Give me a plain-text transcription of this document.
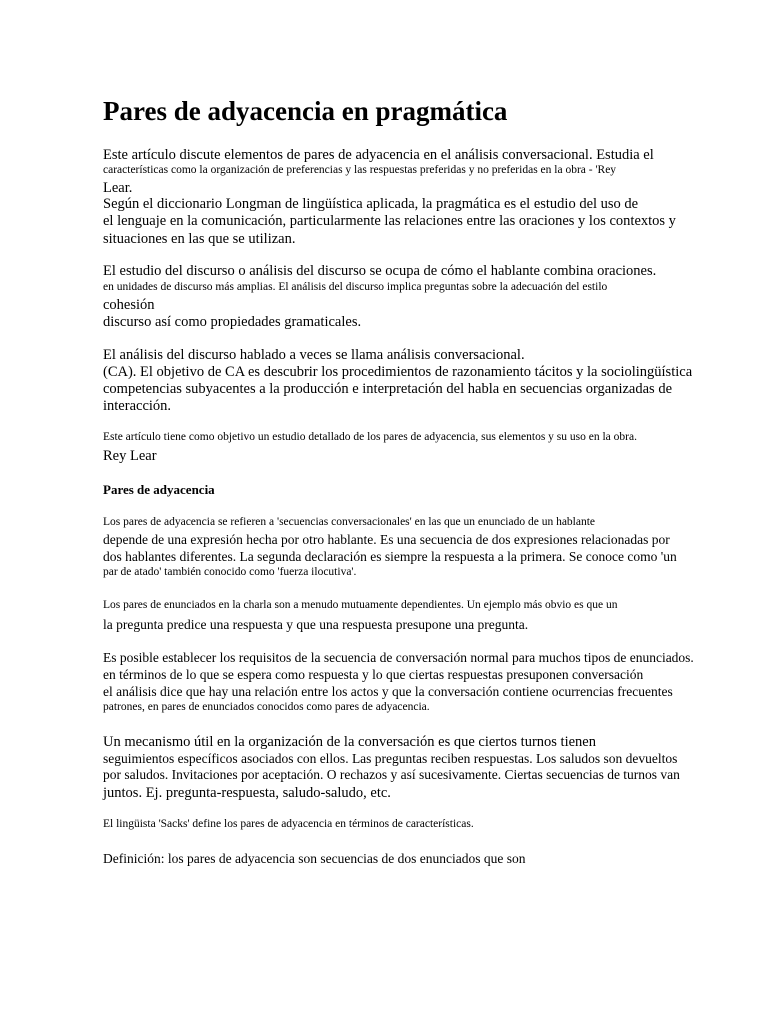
Pares de adyacencia en pragmática
Este artículo discute elementos de pares de adyacencia en el análisis conversacional. Estudia el
características como la organización de preferencias y las respuestas preferidas y no preferidas en la obra - 'Rey
Lear.
Según el diccionario Longman de lingüística aplicada, la pragmática es el estudio del uso de
el lenguaje en la comunicación, particularmente las relaciones entre las oraciones y los contextos y
situaciones en las que se utilizan.
El estudio del discurso o análisis del discurso se ocupa de cómo el hablante combina oraciones.
en unidades de discurso más amplias. El análisis del discurso implica preguntas sobre la adecuación del estilo
cohesión
discurso así como propiedades gramaticales.
El análisis del discurso hablado a veces se llama análisis conversacional.
(CA). El objetivo de CA es descubrir los procedimientos de razonamiento tácitos y la sociolingüística
competencias subyacentes a la producción e interpretación del habla en secuencias organizadas de
interacción.
Este artículo tiene como objetivo un estudio detallado de los pares de adyacencia, sus elementos y su uso en la obra.
Rey Lear
Pares de adyacencia
Los pares de adyacencia se refieren a 'secuencias conversacionales' en las que un enunciado de un hablante
depende de una expresión hecha por otro hablante. Es una secuencia de dos expresiones relacionadas por
dos hablantes diferentes. La segunda declaración es siempre la respuesta a la primera. Se conoce como 'un
par de atado' también conocido como 'fuerza ilocutiva'.
Los pares de enunciados en la charla son a menudo mutuamente dependientes. Un ejemplo más obvio es que un
la pregunta predice una respuesta y que una respuesta presupone una pregunta.
Es posible establecer los requisitos de la secuencia de conversación normal para muchos tipos de enunciados.
en términos de lo que se espera como respuesta y lo que ciertas respuestas presuponen conversación
el análisis dice que hay una relación entre los actos y que la conversación contiene ocurrencias frecuentes
patrones, en pares de enunciados conocidos como pares de adyacencia.
Un mecanismo útil en la organización de la conversación es que ciertos turnos tienen
seguimientos específicos asociados con ellos. Las preguntas reciben respuestas. Los saludos son devueltos
por saludos. Invitaciones por aceptación. O rechazos y así sucesivamente. Ciertas secuencias de turnos van
juntos. Ej. pregunta-respuesta, saludo-saludo, etc.
El lingüista 'Sacks' define los pares de adyacencia en términos de características.
Definición: los pares de adyacencia son secuencias de dos enunciados que son
